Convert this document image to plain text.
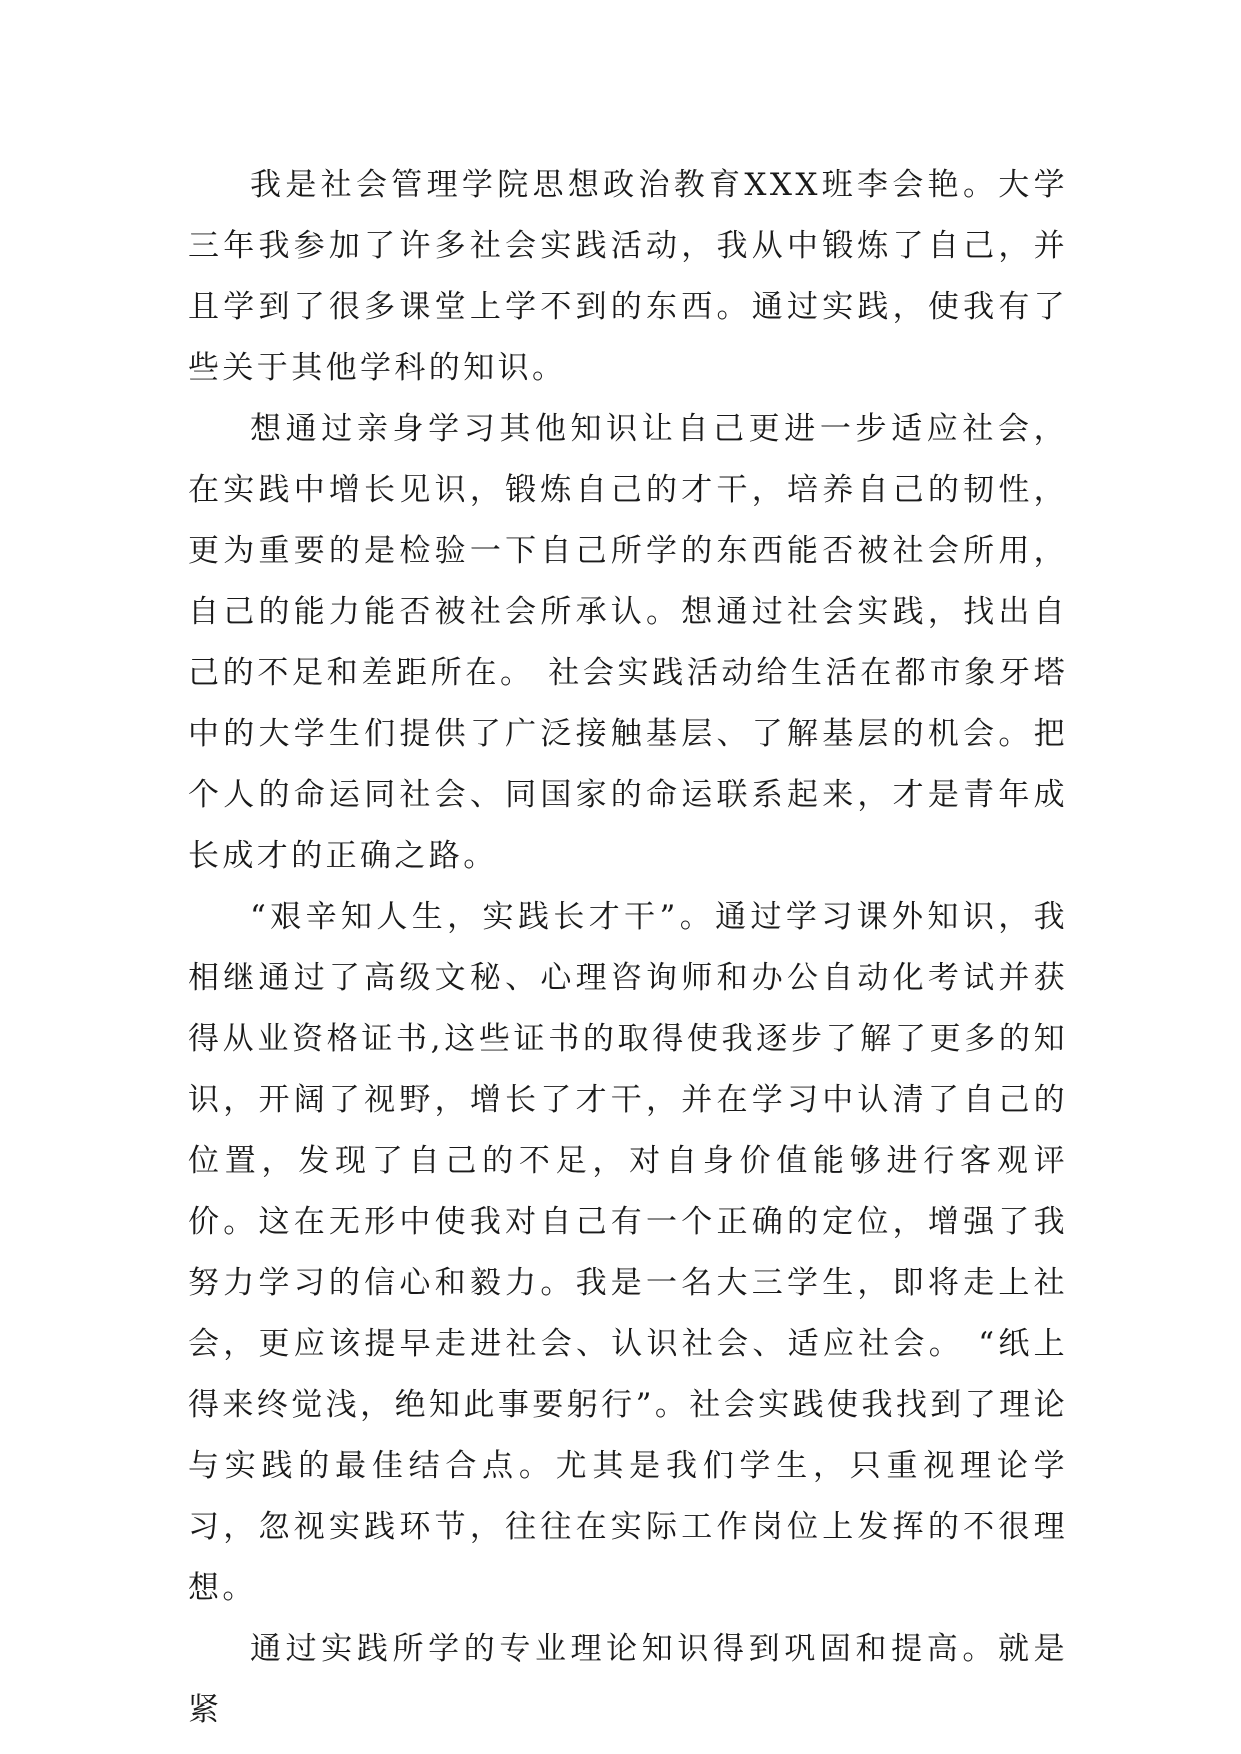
我是社会管理学院思想政治教育XXX班李会艳。大学三年我参加了许多社会实践活动，我从中锻炼了自己，并且学到了很多课堂上学不到的东西。通过实践，使我有了些关于其他学科的知识。

想通过亲身学习其他知识让自己更进一步适应社会，在实践中增长见识，锻炼自己的才干，培养自己的韧性，更为重要的是检验一下自己所学的东西能否被社会所用，自己的能力能否被社会所承认。想通过社会实践，找出自己的不足和差距所在。 社会实践活动给生活在都市象牙塔中的大学生们提供了广泛接触基层、了解基层的机会。把个人的命运同社会、同国家的命运联系起来，才是青年成长成才的正确之路。

“艰辛知人生，实践长才干”。通过学习课外知识，我相继通过了高级文秘、心理咨询师和办公自动化考试并获得从业资格证书,这些证书的取得使我逐步了解了更多的知识，开阔了视野，增长了才干，并在学习中认清了自己的位置，发现了自己的不足，对自身价值能够进行客观评价。这在无形中使我对自己有一个正确的定位，增强了我努力学习的信心和毅力。我是一名大三学生，即将走上社会，更应该提早走进社会、认识社会、适应社会。 “纸上得来终觉浅，绝知此事要躬行”。社会实践使我找到了理论与实践的最佳结合点。尤其是我们学生，只重视理论学习，忽视实践环节，往往在实际工作岗位上发挥的不很理想。

通过实践所学的专业理论知识得到巩固和提高。就是紧
